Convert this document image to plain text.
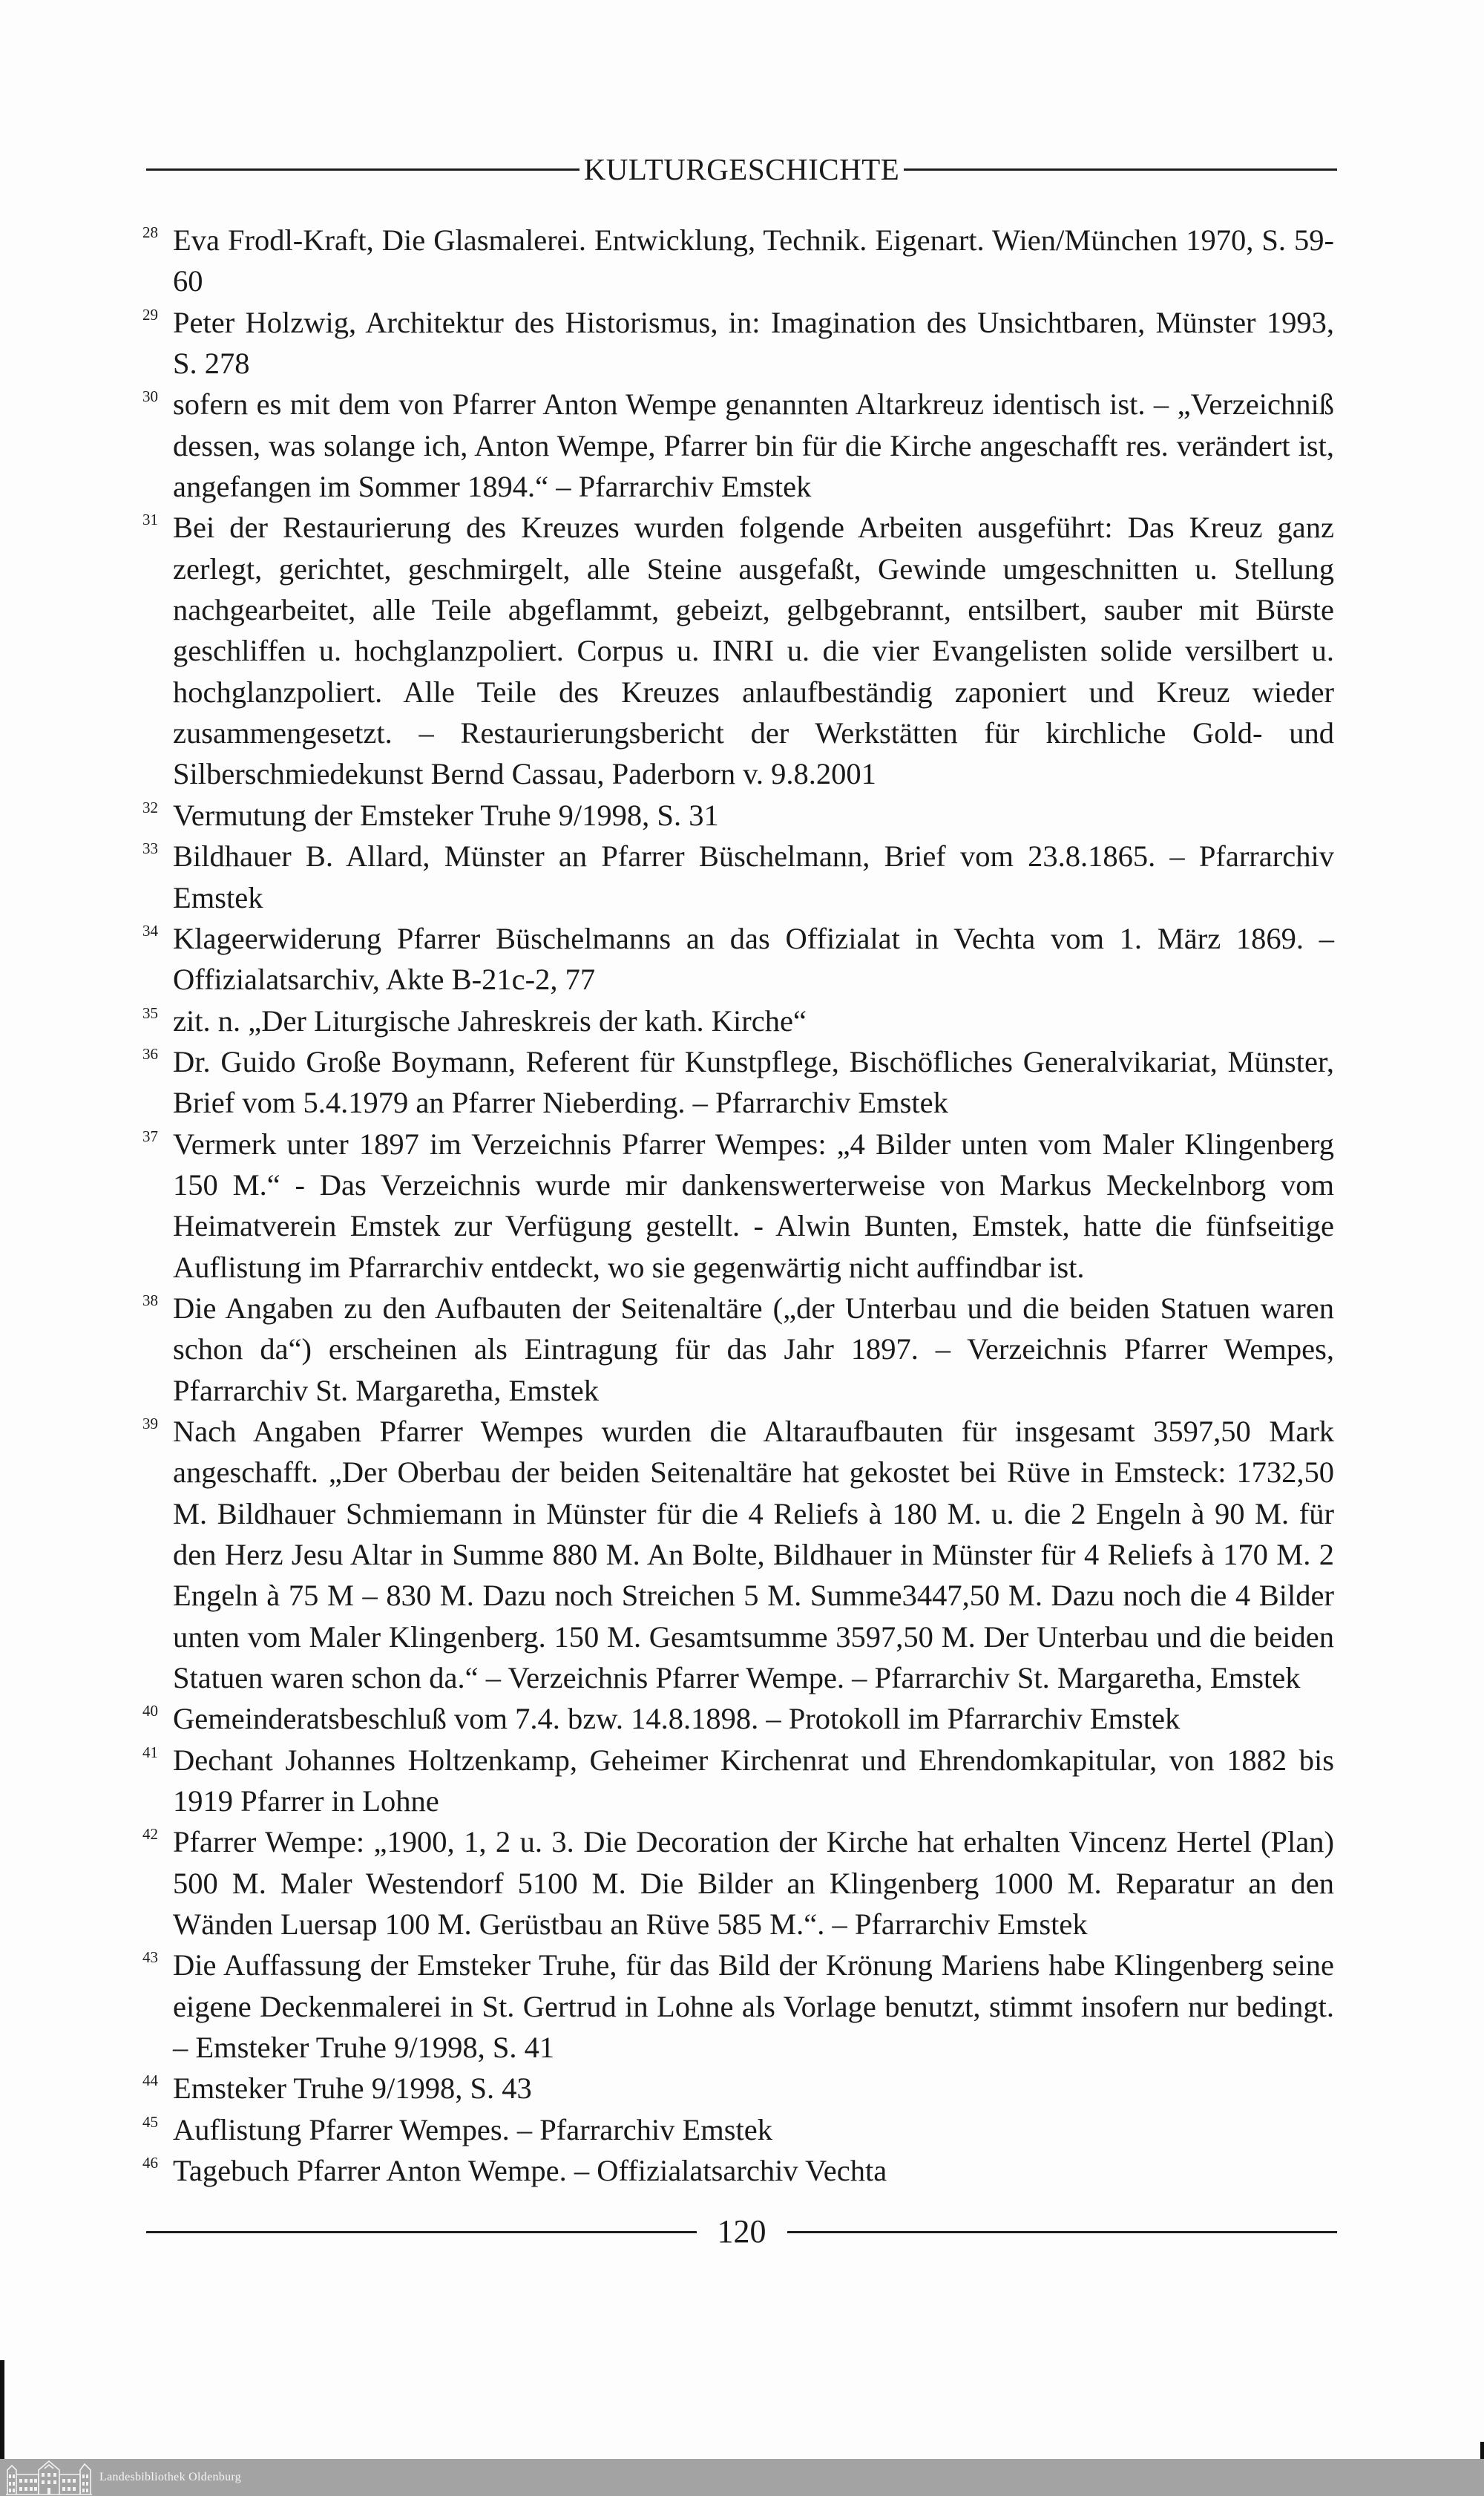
KULTURGESCHICHTE
28 Eva Frodl-Kraft, Die Glasmalerei. Entwicklung, Technik. Eigenart. Wien/München 1970, S. 59-60
29 Peter Holzwig, Architektur des Historismus, in: Imagination des Unsichtbaren, Münster 1993, S. 278
30 sofern es mit dem von Pfarrer Anton Wempe genannten Altarkreuz identisch ist. – „Verzeichniß dessen, was solange ich, Anton Wempe, Pfarrer bin für die Kirche angeschafft res. verändert ist, angefangen im Sommer 1894.“ – Pfarrarchiv Emstek
31 Bei der Restaurierung des Kreuzes wurden folgende Arbeiten ausgeführt: Das Kreuz ganz zerlegt, gerichtet, geschmirgelt, alle Steine ausgefaßt, Gewinde umgeschnitten u. Stellung nachgearbeitet, alle Teile abgeflammt, gebeizt, gelbgebrannt, entsilbert, sauber mit Bürste geschliffen u. hochglanzpoliert. Corpus u. INRI u. die vier Evangelisten solide versilbert u. hochglanzpoliert. Alle Teile des Kreuzes anlaufbeständig zaponiert und Kreuz wieder zusammengesetzt. – Restaurierungsbericht der Werkstätten für kirchliche Gold- und Silberschmiedekunst Bernd Cassau, Paderborn v. 9.8.2001
32 Vermutung der Emsteker Truhe 9/1998, S. 31
33 Bildhauer B. Allard, Münster an Pfarrer Büschelmann, Brief vom 23.8.1865. – Pfarrarchiv Emstek
34 Klageerwiderung Pfarrer Büschelmanns an das Offizialat in Vechta vom 1. März 1869. – Offizialatsarchiv, Akte B-21c-2, 77
35 zit. n. „Der Liturgische Jahreskreis der kath. Kirche“
36 Dr. Guido Große Boymann, Referent für Kunstpflege, Bischöfliches Generalvikariat, Münster, Brief vom 5.4.1979 an Pfarrer Nieberding. – Pfarrarchiv Emstek
37 Vermerk unter 1897 im Verzeichnis Pfarrer Wempes: „4 Bilder unten vom Maler Klingenberg 150 M.“ - Das Verzeichnis wurde mir dankenswerterweise von Markus Meckelnborg vom Heimatverein Emstek zur Verfügung gestellt. - Alwin Bunten, Emstek, hatte die fünfseitige Auflistung im Pfarrarchiv entdeckt, wo sie gegenwärtig nicht auffindbar ist.
38 Die Angaben zu den Aufbauten der Seitenaltäre („der Unterbau und die beiden Statuen waren schon da“) erscheinen als Eintragung für das Jahr 1897. – Verzeichnis Pfarrer Wempes, Pfarrarchiv St. Margaretha, Emstek
39 Nach Angaben Pfarrer Wempes wurden die Altaraufbauten für insgesamt 3597,50 Mark angeschafft. „Der Oberbau der beiden Seitenaltäre hat gekostet bei Rüve in Emsteck: 1732,50 M. Bildhauer Schmiemann in Münster für die 4 Reliefs à 180 M. u. die 2 Engeln à 90 M. für den Herz Jesu Altar in Summe 880 M. An Bolte, Bildhauer in Münster für 4 Reliefs à 170 M. 2 Engeln à 75 M – 830 M. Dazu noch Streichen 5 M. Summe3447,50 M. Dazu noch die 4 Bilder unten vom Maler Klingenberg. 150 M. Gesamtsumme 3597,50 M. Der Unterbau und die beiden Statuen waren schon da.“ – Verzeichnis Pfarrer Wempe. – Pfarrarchiv St. Margaretha, Emstek
40 Gemeinderatsbeschluß vom 7.4. bzw. 14.8.1898. – Protokoll im Pfarrarchiv Emstek
41 Dechant Johannes Holtzenkamp, Geheimer Kirchenrat und Ehrendomkapitular, von 1882 bis 1919 Pfarrer in Lohne
42 Pfarrer Wempe: „1900, 1, 2 u. 3. Die Decoration der Kirche hat erhalten Vincenz Hertel (Plan) 500 M. Maler Westendorf 5100 M. Die Bilder an Klingenberg 1000 M. Reparatur an den Wänden Luersap 100 M. Gerüstbau an Rüve 585 M.“. – Pfarrarchiv Emstek
43 Die Auffassung der Emsteker Truhe, für das Bild der Krönung Mariens habe Klingenberg seine eigene Deckenmalerei in St. Gertrud in Lohne als Vorlage benutzt, stimmt insofern nur bedingt. – Emsteker Truhe 9/1998, S. 41
44 Emsteker Truhe 9/1998, S. 43
45 Auflistung Pfarrer Wempes. – Pfarrarchiv Emstek
46 Tagebuch Pfarrer Anton Wempe. – Offizialatsarchiv Vechta
120
Landesbibliothek Oldenburg
